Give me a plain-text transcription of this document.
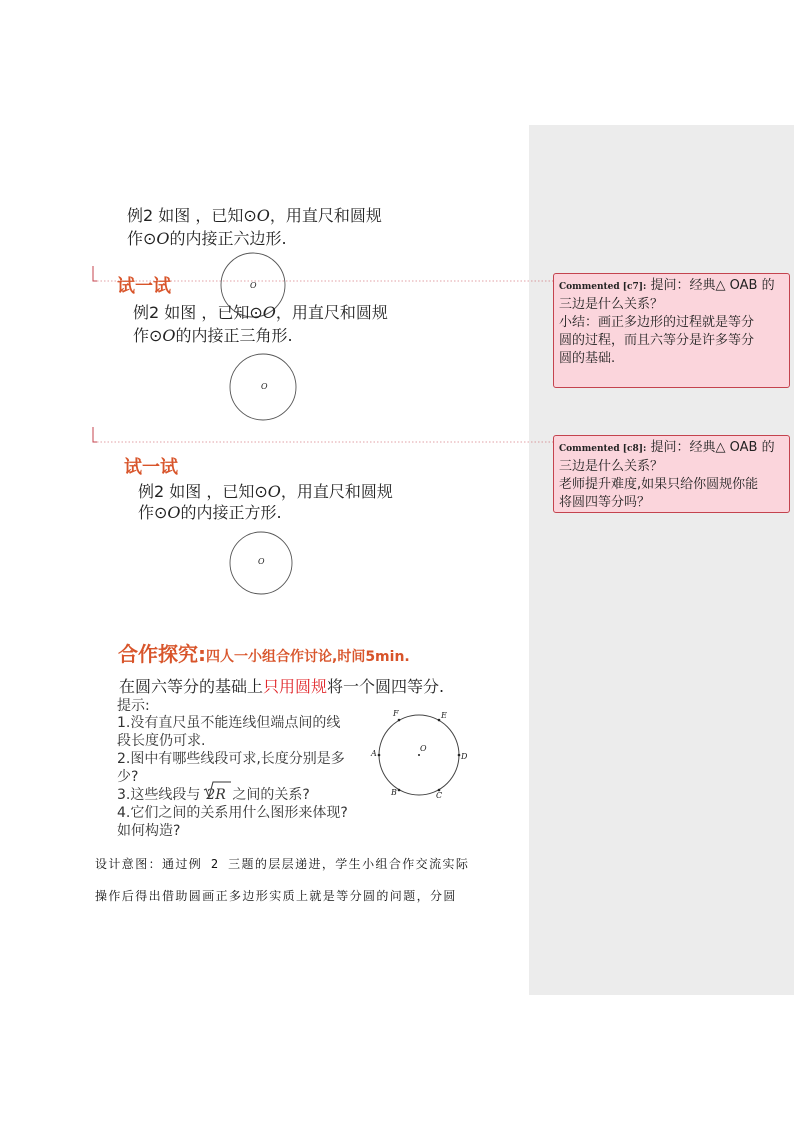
O
O
O
例2 如图 ，已知⊙O，用直尺和圆规
作⊙O的内接正六边形.
试一试
例2 如图 ，已知⊙O，用直尺和圆规
作⊙O的内接正三角形.
试一试
例2 如图 ，已知⊙O，用直尺和圆规
作⊙O的内接正方形.
合作探究:四人一小组合作讨论,时间5min.
在圆六等分的基础上只用圆规将一个圆四等分.
提示:
1.没有直尺虽不能连线但端点间的线
段长度仍可求.
2.图中有哪些线段可求,长度分别是多
少?
3.这些线段与 2R 之间的关系?
4.它们之间的关系用什么图形来体现?
如何构造?
F	E
A	D
O
B	C
设计意图：通过例 2 三题的层层递进，学生小组合作交流实际
操作后得出借助圆画正多边形实质上就是等分圆的问题，分圆
Commented [c7]: 提问：经典△ OAB 的
三边是什么关系？
小结：画正多边形的过程就是等分
圆的过程，而且六等分是许多等分
圆的基础.
Commented [c8]: 提问：经典△ OAB 的
三边是什么关系？
老师提升难度,如果只给你圆规你能
将圆四等分吗？
